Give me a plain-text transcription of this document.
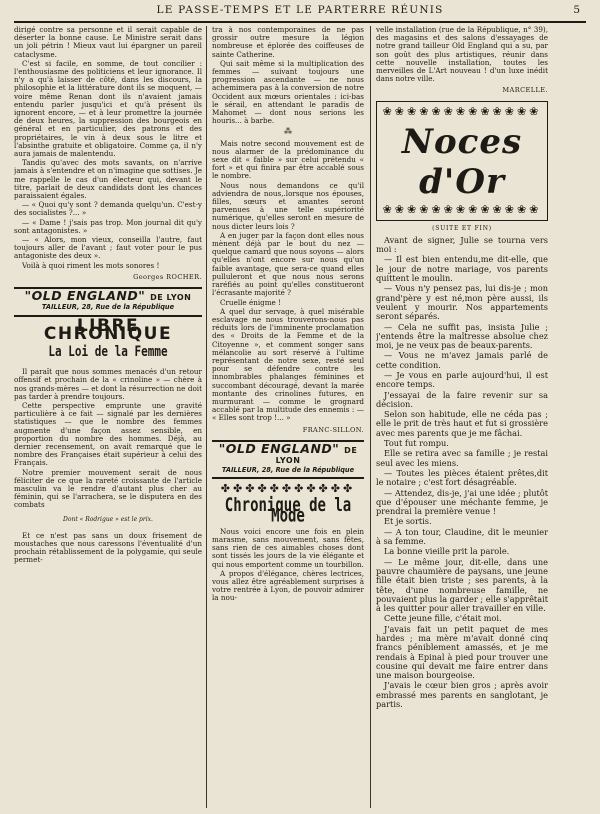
LE PASSE-TEMPS ET LE PARTERRE RÉUNIS	5

dirigé contre sa personne et il serait capable de déserter la bonne cause. Le Ministre serait dans un joli pétrin ! Mieux vaut lui épargner un pareil cataclysme.

C'est si facile, en somme, de tout concilier : l'enthousiasme des politiciens et leur ignorance. Il n'y a qu'à laisser de côté, dans les discours, la philosophie et la littérature dont ils se moquent, — voire même Renan dont ils n'avaient jamais entendu parler jusqu'ici et qu'à présent ils ignorent encore, — et à leur promettre la journée de deux heures, la suppression des bourgeois en général et en particulier, des patrons et des propriétaires, le vin à deux sous le litre et l'absinthe gratuite et obligatoire. Comme ça, il n'y aura jamais de malentendu.

Tandis qu'avec des mots savants, on n'arrive jamais à s'entendre et on n'imagine que sottises. Je me rappelle le cas d'un électeur qui, devant le titre, parlait de deux candidats dont les chances paraissaient égales.

— « Quoi qu'y sont ? demanda quelqu'un. C'est-y des socialistes ?... »

— « Dame ! j'sais pas trop. Mon journal dit qu'y sont antagonistes. »

— « Alors, mon vieux, conseilla l'autre, faut toujours aller de l'avant ; faut voter pour le pus antagoniste des deux ».

Voilà à quoi riment les mots sonores !

Georges ROCHER.
"OLD ENGLAND" DE LYON
TAILLEUR, 28, Rue de la République
LIBRE CHRONIQUE
La Loi de la Femme

Il paraît que nous sommes menacés d'un retour offensif et prochain de la « crinoline » — chère à nos grands-mères — et dont la résurrection ne doit pas tarder à prendre toujours.

Cette perspective emprunte une gravité particulière à ce fait — signalé par les dernières statistiques — que le nombre des femmes augmente d'une façon assez sensible, en proportion du nombre des hommes. Déjà, au dernier recensement, on avait remarqué que le nombre des Françaises était supérieur à celui des Français.

Notre premier mouvement serait de nous féliciter de ce que la rareté croissante de l'article masculin va le rendre d'autant plus cher au féminin, qui se l'arrachera, se le disputera en des combats

Dont « Rodrigue » est le prix.

Et ce n'est pas sans un doux frisement de moustaches que nous caressons l'éventualité d'un prochain rétablissement de la polygamie, qui seule permet-

tra à nos contemporaines de ne pas grossir outre mesure la légion nombreuse et éplorée des coiffeuses de sainte Catherine.

Qui sait même si la multiplication des femmes — suivant toujours une progression ascendante — ne nous achemimera pas à la conversion de notre Occident aux mœurs orientales : ici-bas le sérail, en attendant le paradis de Mahomet — dont nous serions les houris... à barbe.

⁂

Mais notre second mouvement est de nous alarmer de la prédominance du sexe dit « faible » sur celui prétendu « fort » et qui finira par être accablé sous le nombre.

Nous nous demandons ce qu'il adviendra de nous,.lorsque nos épouses, filles, sœurs et amantes seront parvenues à une telle supériorité numérique, qu'elles seront en mesure de nous dicter leurs lois ?

A en juger par la façon dont elles nous mènent déjà par le bout du nez — quelque camard que nous soyons — alors qu'elles n'ont encore sur nous qu'un faible avantage, que sera-ce quand elles pulluleront et que nous nous serons raréfiés au point qu'elles constitueront l'écrasante majorité ?

Cruelle énigme !

A quel dur servage, à quel misérable esclavage ne nous trouverons-nous pas réduits lors de l'imminente proclamation des « Droits de la Femme et de la Citoyenne », et comment songer sans mélancolie au sort réservé à l'ultime représentant de notre sexe, resté seul pour se défendre contre les innombrables phalanges féminines et succombant découragé, devant la marée montante des crinolines futures, en murmurant — comme le grognard accablé par la multitude des ennemis : — « Elles sont trop !... »

FRANC-SILLON.
"OLD ENGLAND" DE LYON
TAILLEUR, 28, Rue de la République
✤✤✤✤✤✤✤✤✤✤✤
Chronique de la Mode

Nous voici encore une fois en plein marasme, sans mouvement, sans fêtes, sans rien de ces aimables choses dont sont tissés les jours de la vie élégante et qui nous emportent comme un tourbillon.

A propos d'élégance, chères lectrices, vous allez être agréablement surprises à votre rentrée à Lyon, de pouvoir admirer la nou-

velle installation (rue de la République, n° 39), des magasins et des salons d'essayages de notre grand tailleur Old England qui a su, par son goût des plus artistiques, réunir dans cette nouvelle installation, toutes les merveilles de L'Art nouveau ! d'un luxe inédit dans notre ville.

MARCELLE.
❀❀❀❀❀❀❀❀❀❀❀❀❀
Noces d'Or
❀❀❀❀❀❀❀❀❀❀❀❀❀
(SUITE ET FIN)

Avant de signer, Julie se tourna vers moi :

— Il est bien entendu,me dit-elle, que le jour de notre mariage, vos parents quittent le moulin.

— Vous n'y pensez pas, lui dis-je ; mon grand'père y est né,mon père aussi, ils veulent y mourir. Nos appartements seront séparés.

— Cela ne suffit pas, insista Julie ; j'entends être la maîtresse absolue chez moi, je ne veux pas de beaux-parents.

— Vous ne m'avez jamais parlé de cette condition.

— Je vous en parle aujourd'hui, il est encore temps.

J'essayai de la faire revenir sur sa décision.

Selon son habitude, elle ne céda pas ; elle le prit de très haut et fut si grossière avec mes parents que je me fâchai.

Tout fut rompu.

Elle se retira avec sa famille ; je restai seul avec les miens.

— Toutes les pièces étaient prêtes,dit le notaire ; c'est fort désagréable.

— Attendez, dis-je, j'ai une idée ; plutôt que d'épouser une méchante femme, je prendrai la première venue !

Et je sortis.

— A ton tour, Claudine, dit le meunier à sa femme.

La bonne vieille prit la parole.

— Le même jour, dit-elle, dans une pauvre chaumière de paysans, une jeune fille était bien triste ; ses parents, à la tête, d'une nombreuse famille, ne pouvaient plus la garder ; elle s'apprêtait à les quitter pour aller travailler en ville.

Cette jeune fille, c'était moi.

J'avais fait un petit paquet de mes hardes ; ma mère m'avait donné cinq francs péniblement amassés, et je me rendais à Epinal à pied pour trouver une cousine qui devait me faire entrer dans une maison bourgeoise.

J'avais le cœur bien gros ; après avoir embrassé mes parents en sanglotant, je partis.
